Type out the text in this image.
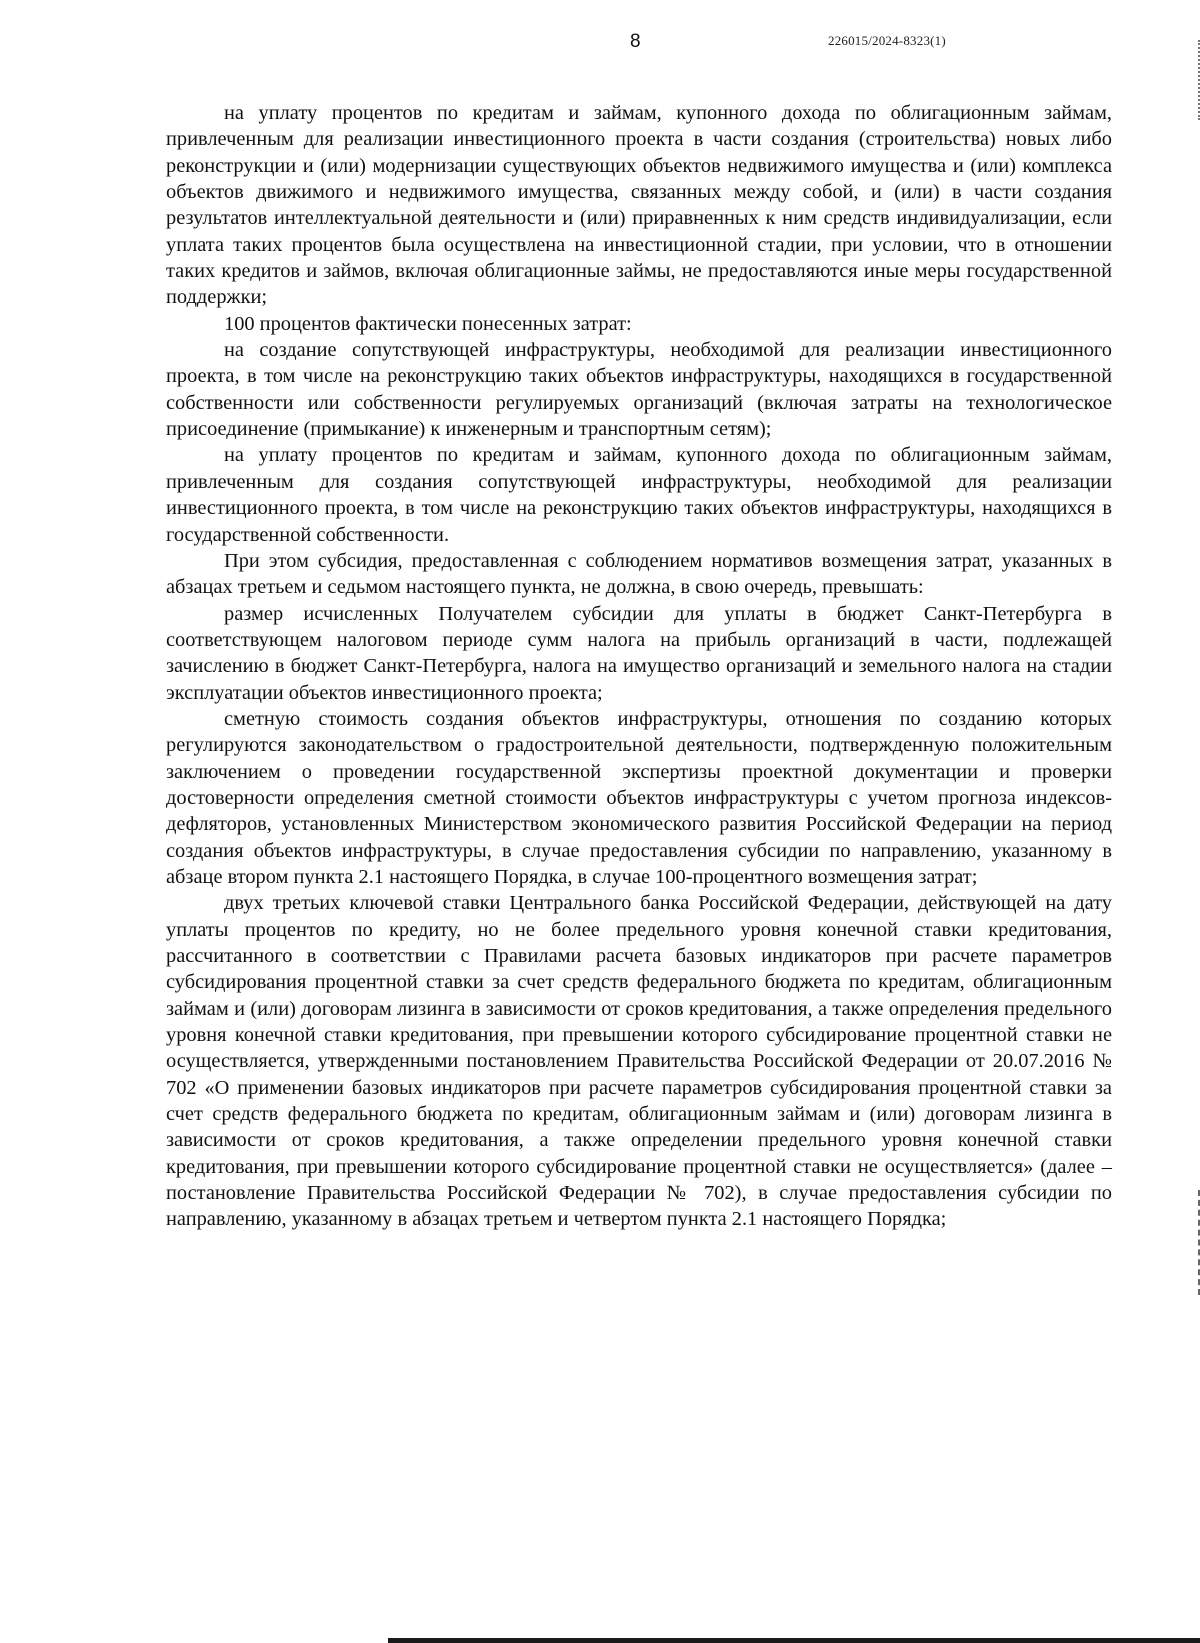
8	226015/2024-8323(1)

на уплату процентов по кредитам и займам, купонного дохода по облигационным займам, привлеченным для реализации инвестиционного проекта в части создания (строительства) новых либо реконструкции и (или) модернизации существующих объектов недвижимого имущества и (или) комплекса объектов движимого и недвижимого имущества, связанных между собой, и (или) в части создания результатов интеллектуальной деятельности и (или) приравненных к ним средств индивидуализации, если уплата таких процентов была осуществлена на инвестиционной стадии, при условии, что в отношении таких кредитов и займов, включая облигационные займы, не предоставляются иные меры государственной поддержки;

100 процентов фактически понесенных затрат:

на создание сопутствующей инфраструктуры, необходимой для реализации инвестиционного проекта, в том числе на реконструкцию таких объектов инфраструктуры, находящихся в государственной собственности или собственности регулируемых организаций (включая затраты на технологическое присоединение (примыкание) к инженерным и транспортным сетям);

на уплату процентов по кредитам и займам, купонного дохода по облигационным займам, привлеченным для создания сопутствующей инфраструктуры, необходимой для реализации инвестиционного проекта, в том числе на реконструкцию таких объектов инфраструктуры, находящихся в государственной собственности.

При этом субсидия, предоставленная с соблюдением нормативов возмещения затрат, указанных в абзацах третьем и седьмом настоящего пункта, не должна, в свою очередь, превышать:

размер исчисленных Получателем субсидии для уплаты в бюджет Санкт-Петербурга в соответствующем налоговом периоде сумм налога на прибыль организаций в части, подлежащей зачислению в бюджет Санкт-Петербурга, налога на имущество организаций и земельного налога на стадии эксплуатации объектов инвестиционного проекта;

сметную стоимость создания объектов инфраструктуры, отношения по созданию которых регулируются законодательством о градостроительной деятельности, подтвержденную положительным заключением о проведении государственной экспертизы проектной документации и проверки достоверности определения сметной стоимости объектов инфраструктуры с учетом прогноза индексов-дефляторов, установленных Министерством экономического развития Российской Федерации на период создания объектов инфраструктуры, в случае предоставления субсидии по направлению, указанному в абзаце втором пункта 2.1 настоящего Порядка, в случае 100-процентного возмещения затрат;

двух третьих ключевой ставки Центрального банка Российской Федерации, действующей на дату уплаты процентов по кредиту, но не более предельного уровня конечной ставки кредитования, рассчитанного в соответствии с Правилами расчета базовых индикаторов при расчете параметров субсидирования процентной ставки за счет средств федерального бюджета по кредитам, облигационным займам и (или) договорам лизинга в зависимости от сроков кредитования, а также определения предельного уровня конечной ставки кредитования, при превышении которого субсидирование процентной ставки не осуществляется, утвержденными постановлением Правительства Российской Федерации от 20.07.2016 № 702 «О применении базовых индикаторов при расчете параметров субсидирования процентной ставки за счет средств федерального бюджета по кредитам, облигационным займам и (или) договорам лизинга в зависимости от сроков кредитования, а также определении предельного уровня конечной ставки кредитования, при превышении которого субсидирование процентной ставки не осуществляется» (далее – постановление Правительства Российской Федерации № 702), в случае предоставления субсидии по направлению, указанному в абзацах третьем и четвертом пункта 2.1 настоящего Порядка;
